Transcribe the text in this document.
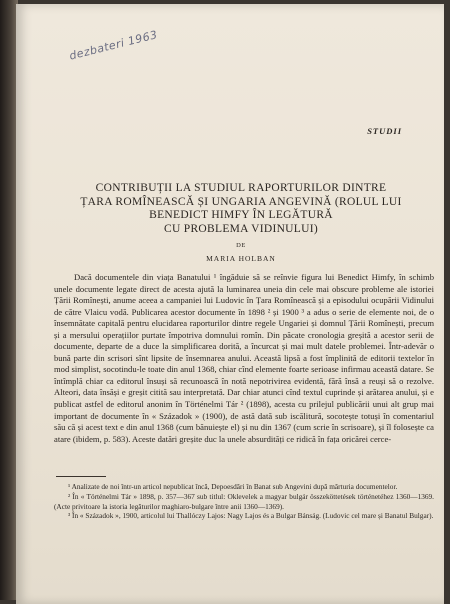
dezbateri 1963
STUDII
CONTRIBUȚII LA STUDIUL RAPORTURILOR DINTRE
ȚARA ROMÎNEASCĂ ȘI UNGARIA ANGEVINĂ (ROLUL LUI
BENEDICT HIMFY ÎN LEGĂTURĂ
CU PROBLEMA VIDINULUI)
DE
MARIA HOLBAN

Dacă documentele din viața Banatului ¹ îngăduie să se reînvie figura lui Benedict Himfy, în schimb unele documente legate direct de acesta ajută la luminarea uneia din cele mai obscure probleme ale istoriei Țării Romînești, anume aceea a campaniei lui Ludovic în Țara Romînească și a episodului ocupării Vidinului de către Vlaicu vodă. Publicarea acestor documente în 1898 ² și 1900 ³ a adus o serie de elemente noi, de o însemnătate capitală pentru elucidarea raporturilor dintre regele Ungariei și domnul Țării Romînești, precum și a mersului operațiilor purtate împotriva domnului romîn. Din păcate cronologia greșită a acestor serii de documente, departe de a duce la simplificarea dorită, a încurcat și mai mult datele problemei. Într-adevăr o bună parte din scrisori sînt lipsite de însemnarea anului. Această lipsă a fost împlinită de editorii textelor în mod simplist, socotindu-le toate din anul 1368, chiar cînd elemente foarte serioase infirmau această datare. Se întîmplă chiar ca editorul însuși să recunoască în notă nepotrivirea evidentă, fără însă a reuși să o rezolve. Alteori, data însăși e greșit citită sau interpretată. Dar chiar atunci cînd textul cuprinde și arătarea anului, și e publicat astfel de editorul anonim în Történelmi Tár ² (1898), acesta cu prilejul publicării unui alt grup mai important de documente în « Századok » (1900), de astă dată sub iscălitură, socotește totuși în comentariul său că și acest text e din anul 1368 (cum bănuiește el) și nu din 1367 (cum scrie în scrisoare), și îl folosește ca atare (ibidem, p. 583). Aceste datări greșite duc la unele absurdități ce ridică în fața oricărei cerce-

¹ Analizate de noi într-un articol nepublicat încă, Depoesdări în Banat sub Angevini după mărturia documentelor.

² În « Történelmi Tár » 1898, p. 357—367 sub titlul: Oklevelek a magyar bulgár összeköttetések történetéhez 1360—1369. (Acte privitoare la istoria legăturilor maghiaro-bulgare între anii 1360—1369).

³ În « Századok », 1900, articolul lui Thallóczy Lajos: Nagy Lajos és a Bulgar Bánság. (Ludovic cel mare și Banatul Bulgar).
